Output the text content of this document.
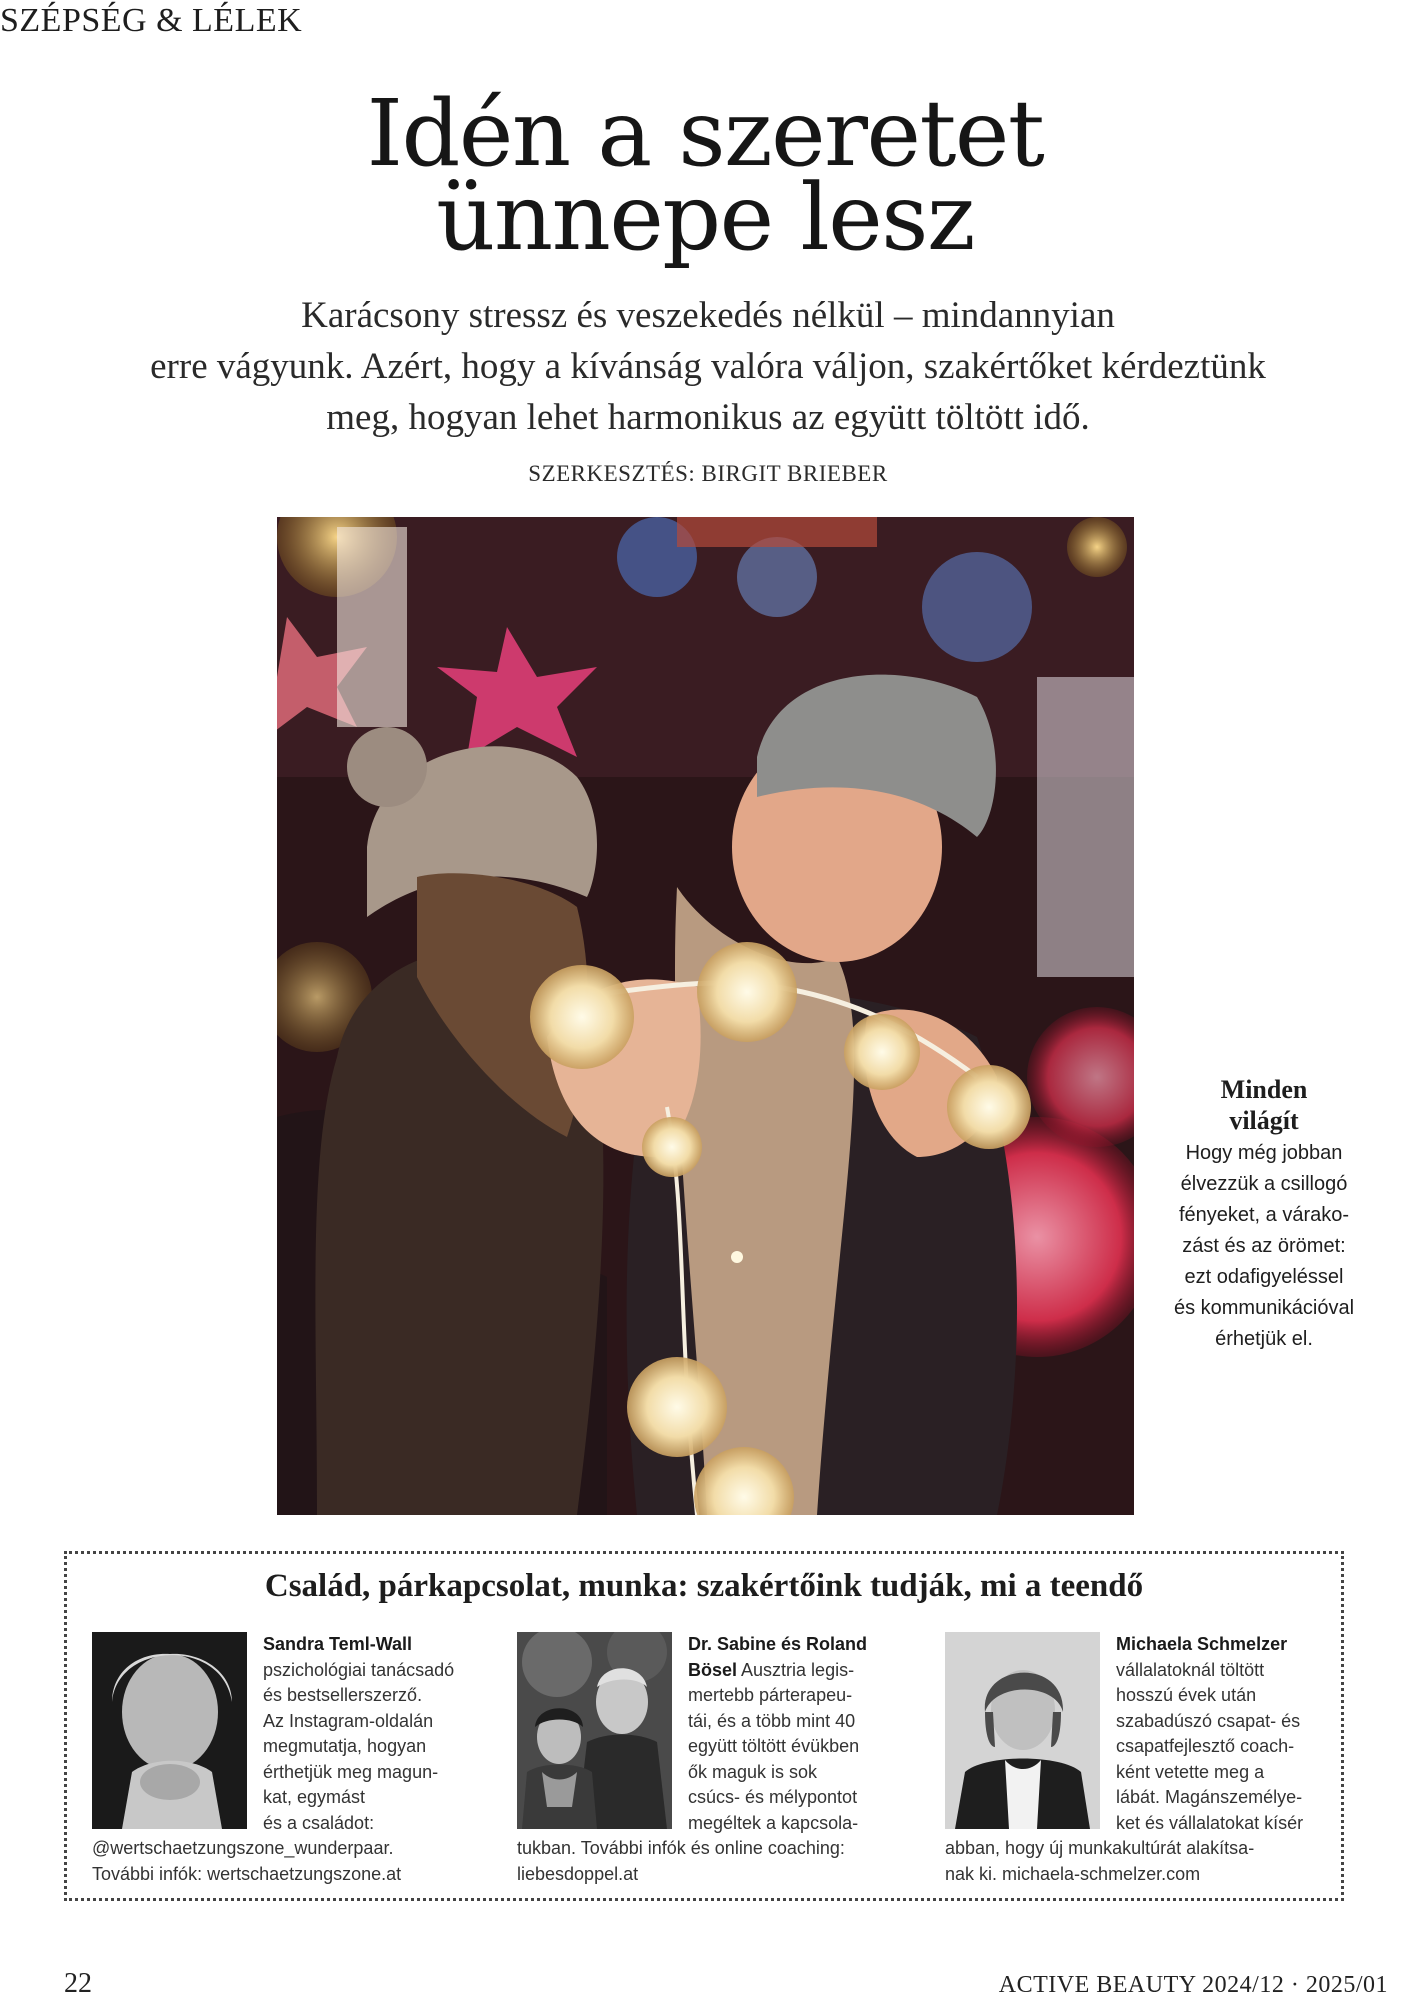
SZÉPSÉG & LÉLEK
Idén a szeretet
ünnepe lesz
Karácsony stressz és veszekedés nélkül – mindannyian
erre vágyunk. Azért, hogy a kívánság valóra váljon, szakértőket kérdeztünk
meg, hogyan lehet harmonikus az együtt töltött idő.
SZERKESZTÉS: BIRGIT BRIEBER
Minden
világít
Hogy még jobban
élvezzük a csillogó
fényeket, a várako-
zást és az örömet:
ezt odafigyeléssel
és kommunikációval
érhetjük el.
Család, párkapcsolat, munka: szakértőink tudják, mi a teendő
Sandra Teml-Wall
pszichológiai tanácsadó
és bestsellerszerző.
Az Instagram-oldalán
megmutatja, hogyan
érthetjük meg magun-
kat, egymást
és a családot:
@wertschaetzungszone_wunderpaar.
További infók: wertschaetzungszone.at
Dr. Sabine és Roland
Bösel Ausztria legis-
mertebb párterapeu-
tái, és a több mint 40
együtt töltött évükben
ők maguk is sok
csúcs- és mélypontot
megéltek a kapcsola-
tukban. További infók és online coaching:
liebesdoppel.at
Michaela Schmelzer
vállalatoknál töltött
hosszú évek után
szabadúszó csapat- és
csapatfejlesztő coach-
ként vetette meg a
lábát. Magánszemélye-
ket és vállalatokat kísér
abban, hogy új munkakultúrát alakítsa-
nak ki. michaela-schmelzer.com
22	ACTIVE BEAUTY 2024/12 · 2025/01
